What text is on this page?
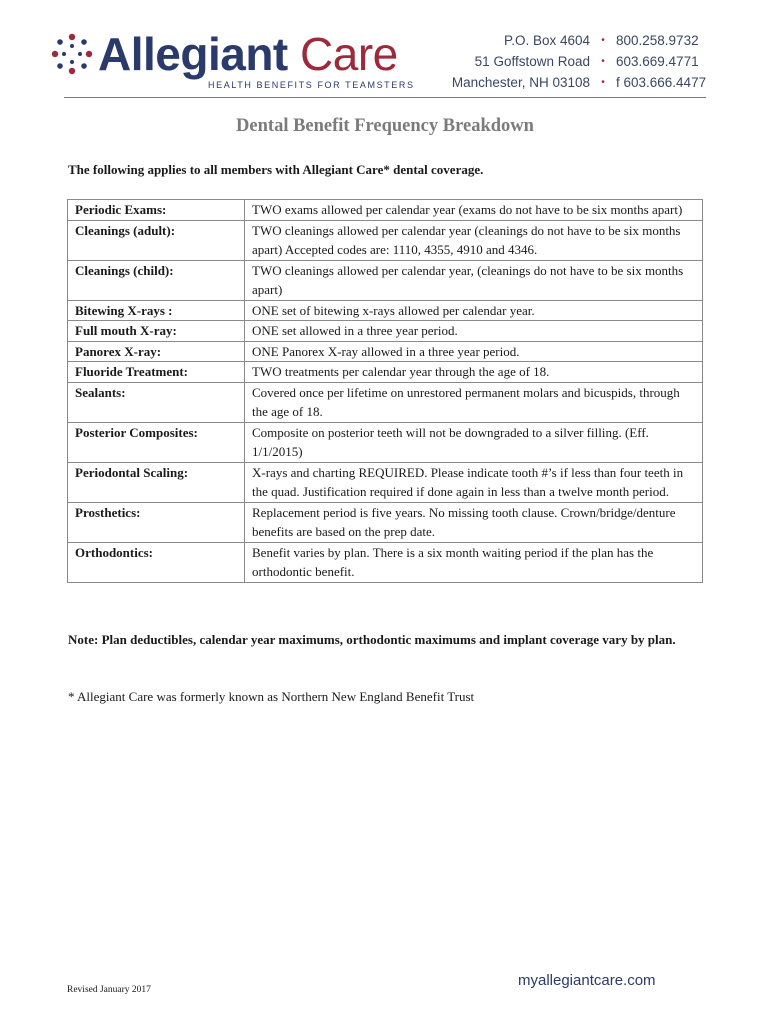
Allegiant Care
HEALTH BENEFITS FOR TEAMSTERS
P.O. Box 4604	• 800.258.9732
51 Goffstown Road	• 603.669.4771
Manchester, NH 03108	• f 603.666.4477
Dental Benefit Frequency Breakdown
The following applies to all members with Allegiant Care* dental coverage.
Periodic Exams:	TWO exams allowed per calendar year (exams do not have to be six months apart)
Cleanings (adult):	TWO cleanings allowed per calendar year (cleanings do not have to be six months apart) Accepted codes are: 1110, 4355, 4910 and 4346.
Cleanings (child):	TWO cleanings allowed per calendar year, (cleanings do not have to be six months apart)
Bitewing X-rays :	ONE set of bitewing x-rays allowed per calendar year.
Full mouth X-ray:	ONE set allowed in a three year period.
Panorex X-ray:	ONE Panorex X-ray allowed in a three year period.
Fluoride Treatment:	TWO treatments per calendar year through the age of 18.
Sealants:	Covered once per lifetime on unrestored permanent molars and bicuspids, through the age of 18.
Posterior Composites:	Composite on posterior teeth will not be downgraded to a silver filling. (Eff. 1/1/2015)
Periodontal Scaling:	X-rays and charting REQUIRED. Please indicate tooth #’s if less than four teeth in the quad. Justification required if done again in less than a twelve month period.
Prosthetics:	Replacement period is five years. No missing tooth clause. Crown/bridge/denture benefits are based on the prep date.
Orthodontics:	Benefit varies by plan. There is a six month waiting period if the plan has the orthodontic benefit.
Note: Plan deductibles, calendar year maximums, orthodontic maximums and implant coverage vary by plan.
* Allegiant Care was formerly known as Northern New England Benefit Trust
Revised January 2017
myallegiantcare.com
